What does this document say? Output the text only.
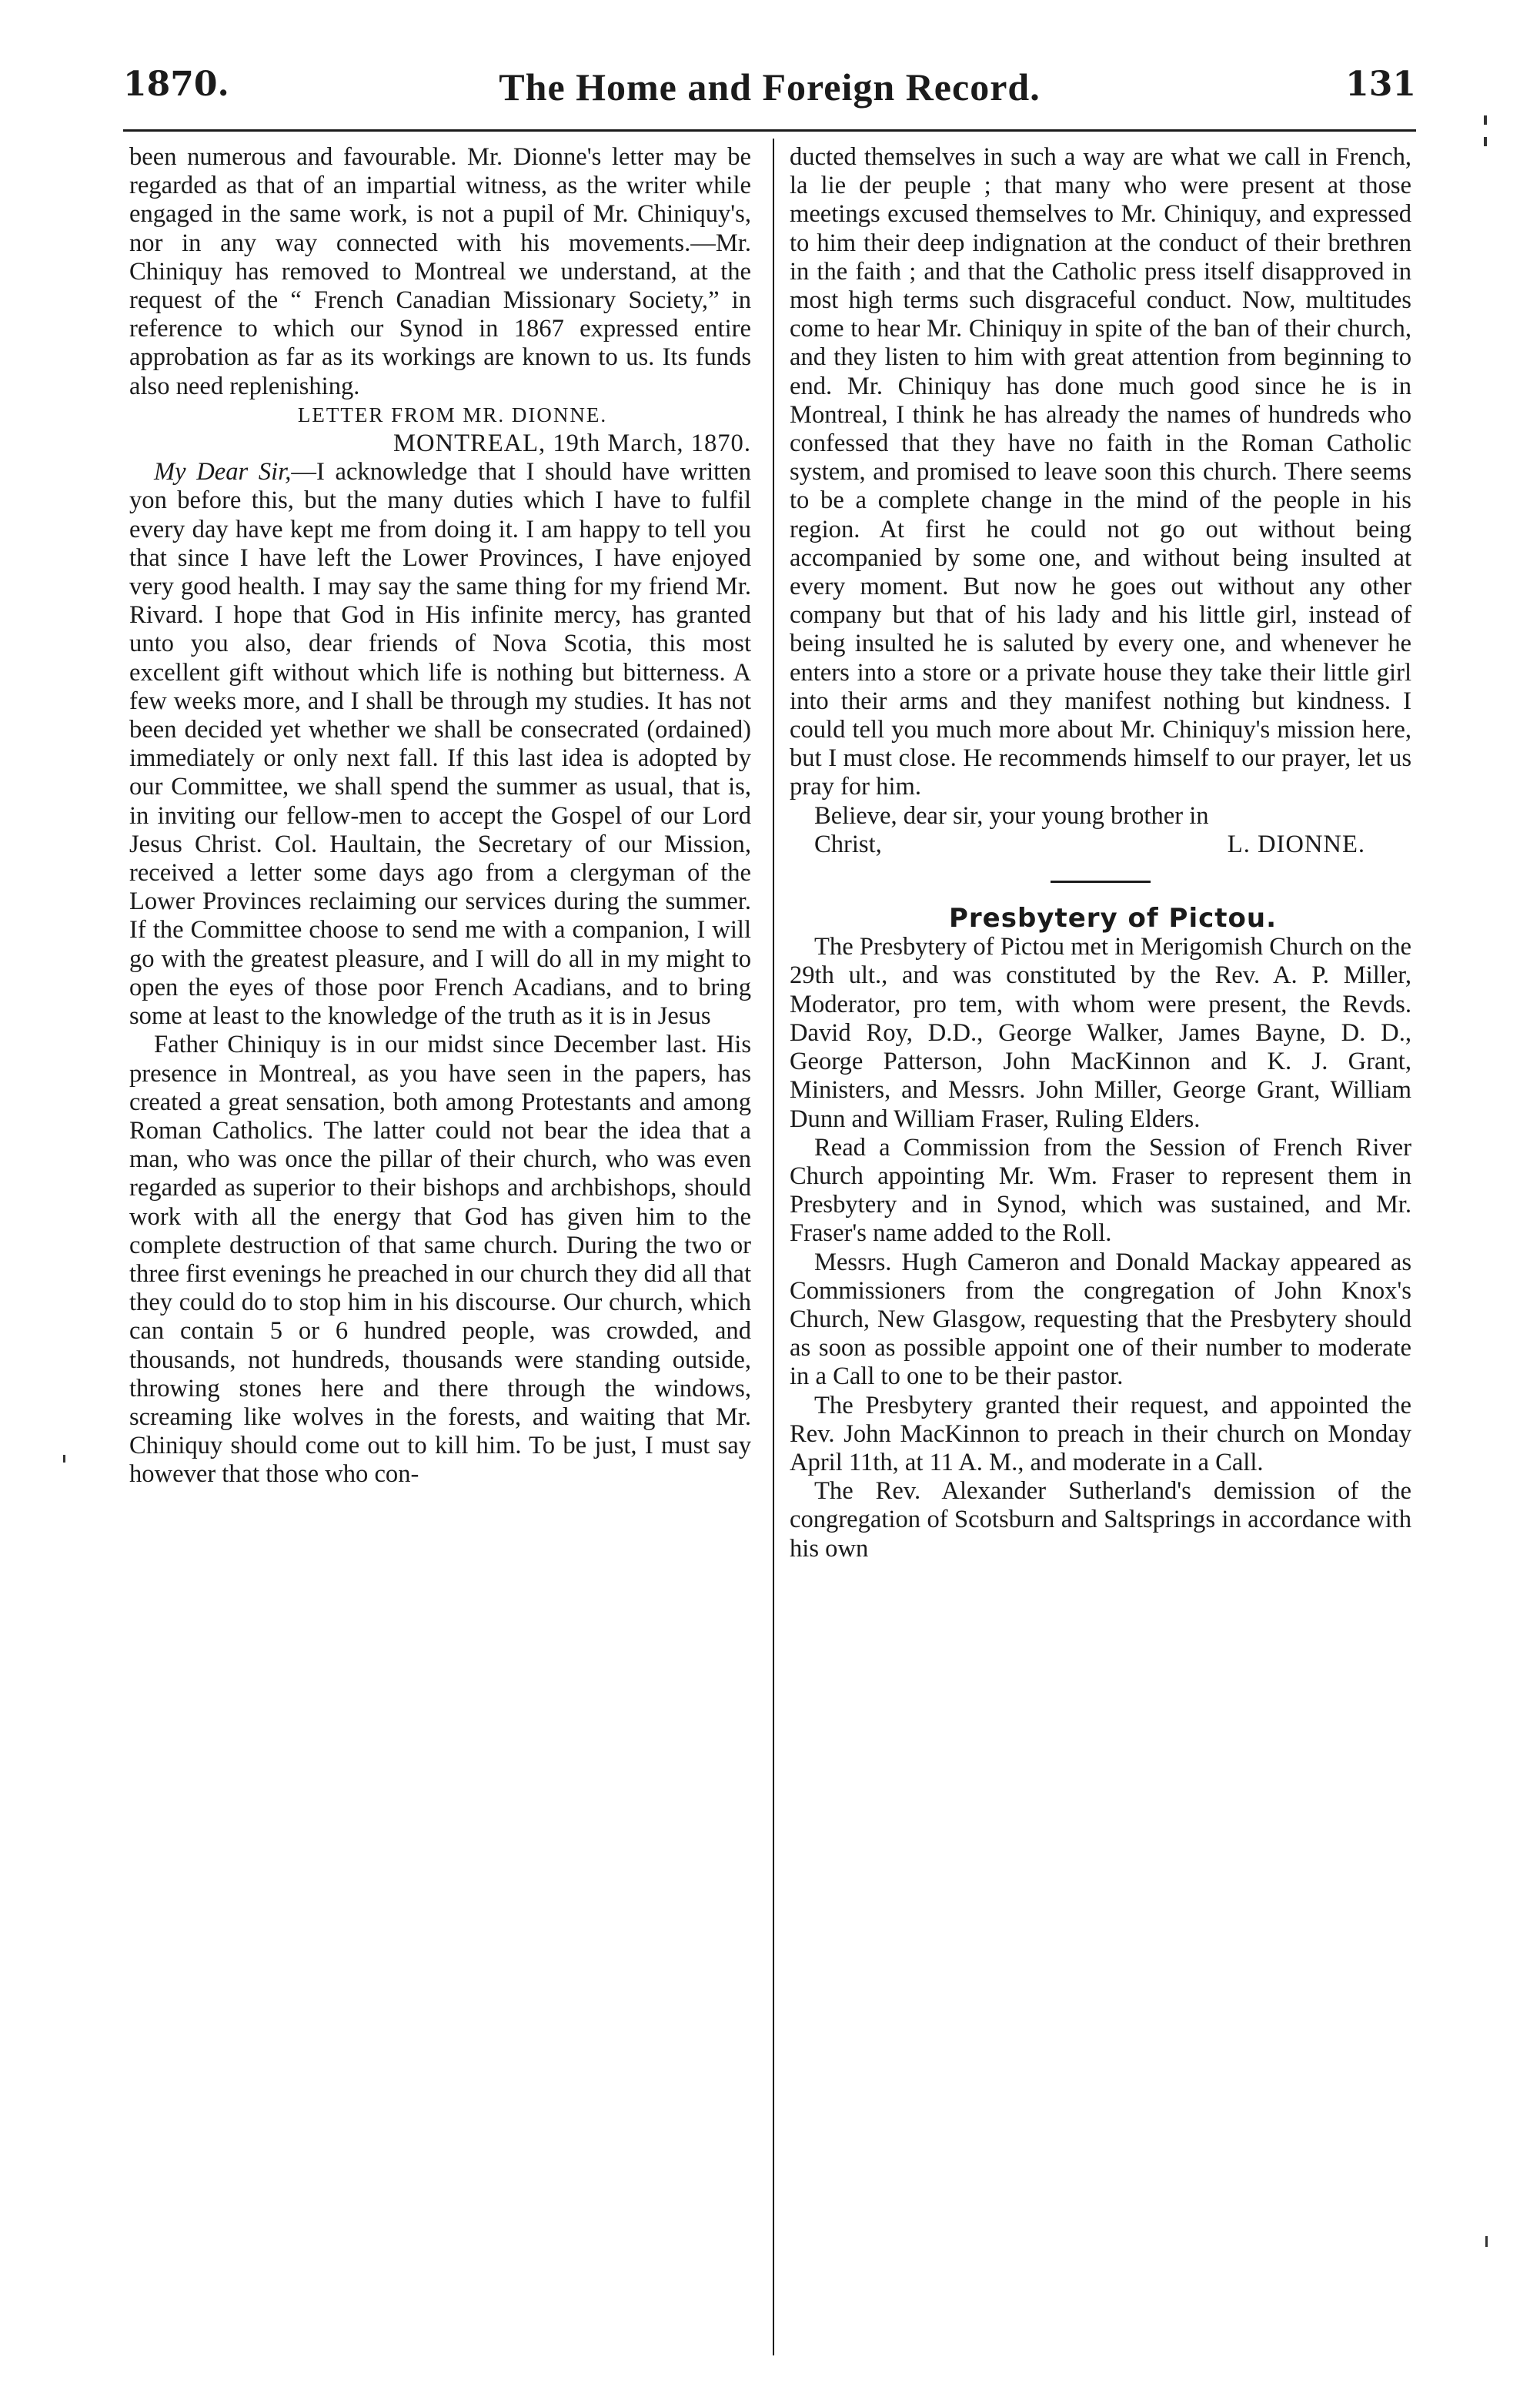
1870.	The Home and Foreign Record.	131

been numerous and favourable. Mr. Dionne's letter may be regarded as that of an impartial witness, as the writer while engaged in the same work, is not a pupil of Mr. Chiniquy's, nor in any way connected with his movements.—Mr. Chiniquy has removed to Montreal we understand, at the request of the “ French Canadian Missionary Society,” in reference to which our Synod in 1867 expressed entire approbation as far as its workings are known to us. Its funds also need replenishing.

LETTER FROM MR. DIONNE.

MONTREAL, 19th March, 1870.

My Dear Sir,—I acknowledge that I should have written yon before this, but the many duties which I have to fulfil every day have kept me from doing it. I am happy to tell you that since I have left the Lower Provinces, I have enjoyed very good health. I may say the same thing for my friend Mr. Rivard. I hope that God in His infinite mercy, has granted unto you also, dear friends of Nova Scotia, this most excellent gift without which life is nothing but bitterness. A few weeks more, and I shall be through my studies. It has not been decided yet whether we shall be consecrated (ordained) immediately or only next fall. If this last idea is adopted by our Committee, we shall spend the summer as usual, that is, in inviting our fellow-men to accept the Gospel of our Lord Jesus Christ. Col. Haultain, the Secretary of our Mission, received a letter some days ago from a clergyman of the Lower Provinces reclaiming our services during the summer. If the Committee choose to send me with a companion, I will go with the greatest pleasure, and I will do all in my might to open the eyes of those poor French Acadians, and to bring some at least to the knowledge of the truth as it is in Jesus

Father Chiniquy is in our midst since December last. His presence in Montreal, as you have seen in the papers, has created a great sensation, both among Protestants and among Roman Catholics. The latter could not bear the idea that a man, who was once the pillar of their church, who was even regarded as superior to their bishops and archbishops, should work with all the energy that God has given him to the complete destruction of that same church. During the two or three first evenings he preached in our church they did all that they could do to stop him in his discourse. Our church, which can contain 5 or 6 hundred people, was crowded, and thousands, not hundreds, thousands were standing outside, throwing stones here and there through the windows, screaming like wolves in the forests, and waiting that Mr. Chiniquy should come out to kill him. To be just, I must say however that those who con-

ducted themselves in such a way are what we call in French, la lie der peuple ; that many who were present at those meetings excused themselves to Mr. Chiniquy, and expressed to him their deep indignation at the conduct of their brethren in the faith ; and that the Catholic press itself disapproved in most high terms such disgraceful conduct. Now, multitudes come to hear Mr. Chiniquy in spite of the ban of their church, and they listen to him with great attention from beginning to end. Mr. Chiniquy has done much good since he is in Montreal, I think he has already the names of hundreds who confessed that they have no faith in the Roman Catholic system, and promised to leave soon this church. There seems to be a complete change in the mind of the people in his region. At first he could not go out without being accompanied by some one, and without being insulted at every moment. But now he goes out without any other company but that of his lady and his little girl, instead of being insulted he is saluted by every one, and whenever he enters into a store or a private house they take their little girl into their arms and they manifest nothing but kindness. I could tell you much more about Mr. Chiniquy's mission here, but I must close. He recommends himself to our prayer, let us pray for him.

Believe, dear sir, your young brother in

Christ,	L. DIONNE.

Presbytery of Pictou.

The Presbytery of Pictou met in Merigomish Church on the 29th ult., and was constituted by the Rev. A. P. Miller, Moderator, pro tem, with whom were present, the Revds. David Roy, D.D., George Walker, James Bayne, D. D., George Patterson, John MacKinnon and K. J. Grant, Ministers, and Messrs. John Miller, George Grant, William Dunn and William Fraser, Ruling Elders.

Read a Commission from the Session of French River Church appointing Mr. Wm. Fraser to represent them in Presbytery and in Synod, which was sustained, and Mr. Fraser's name added to the Roll.

Messrs. Hugh Cameron and Donald Mackay appeared as Commissioners from the congregation of John Knox's Church, New Glasgow, requesting that the Presbytery should as soon as possible appoint one of their number to moderate in a Call to one to be their pastor.

The Presbytery granted their request, and appointed the Rev. John MacKinnon to preach in their church on Monday April 11th, at 11 A. M., and moderate in a Call.

The Rev. Alexander Sutherland's demission of the congregation of Scotsburn and Saltsprings in accordance with his own
